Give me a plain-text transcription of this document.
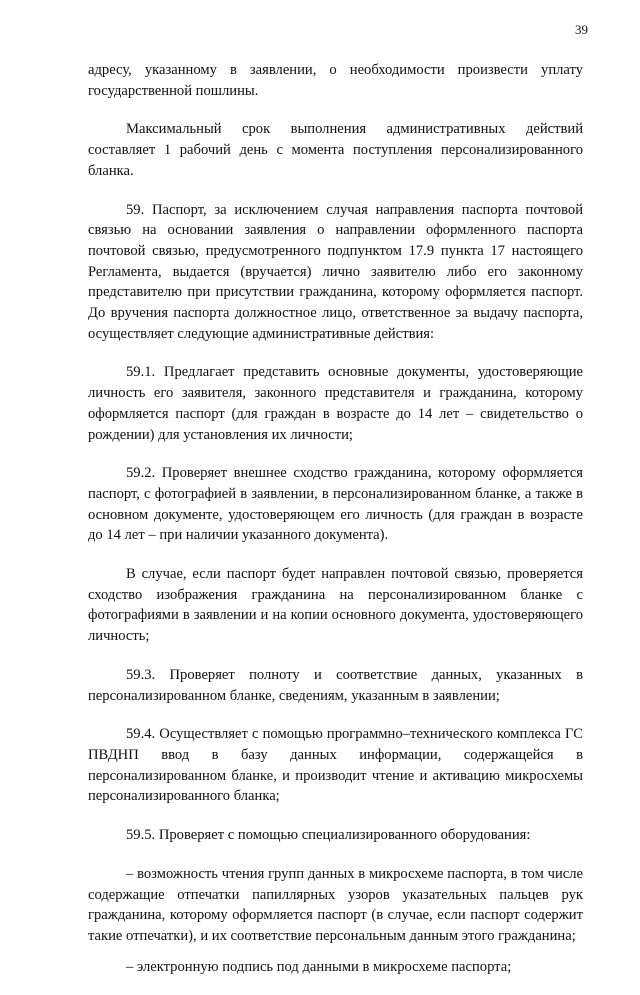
39

адресу, указанному в заявлении, о необходимости произвести уплату государственной пошлины.

Максимальный срок выполнения административных действий составляет 1 рабочий день с момента поступления персонализированного бланка.

59. Паспорт, за исключением случая направления паспорта почтовой связью на основании заявления о направлении оформленного паспорта почтовой связью, предусмотренного подпунктом 17.9 пункта 17 настоящего Регламента, выдается (вручается) лично заявителю либо его законному представителю при присутствии гражданина, которому оформляется паспорт. До вручения паспорта должностное лицо, ответственное за выдачу паспорта, осуществляет следующие административные действия:

59.1. Предлагает представить основные документы, удостоверяющие личность его заявителя, законного представителя и гражданина, которому оформляется паспорт (для граждан в возрасте до 14 лет – свидетельство о рождении) для установления их личности;

59.2. Проверяет внешнее сходство гражданина, которому оформляется паспорт, с фотографией в заявлении, в персонализированном бланке, а также в основном документе, удостоверяющем его личность (для граждан в возрасте до 14 лет – при наличии указанного документа).

В случае, если паспорт будет направлен почтовой связью, проверяется сходство изображения гражданина на персонализированном бланке с фотографиями в заявлении и на копии основного документа, удостоверяющего личность;

59.3. Проверяет полноту и соответствие данных, указанных в персонализированном бланке, сведениям, указанным в заявлении;

59.4. Осуществляет с помощью программно–технического комплекса ГС ПВДНП ввод в базу данных информации, содержащейся в персонализированном бланке, и производит чтение и активацию микросхемы персонализированного бланка;

59.5. Проверяет с помощью специализированного оборудования:

– возможность чтения групп данных в микросхеме паспорта, в том числе содержащие отпечатки папиллярных узоров указательных пальцев рук гражданина, которому оформляется паспорт (в случае, если паспорт содержит такие отпечатки), и их соответствие персональным данным этого гражданина;

– электронную подпись под данными в микросхеме паспорта;
